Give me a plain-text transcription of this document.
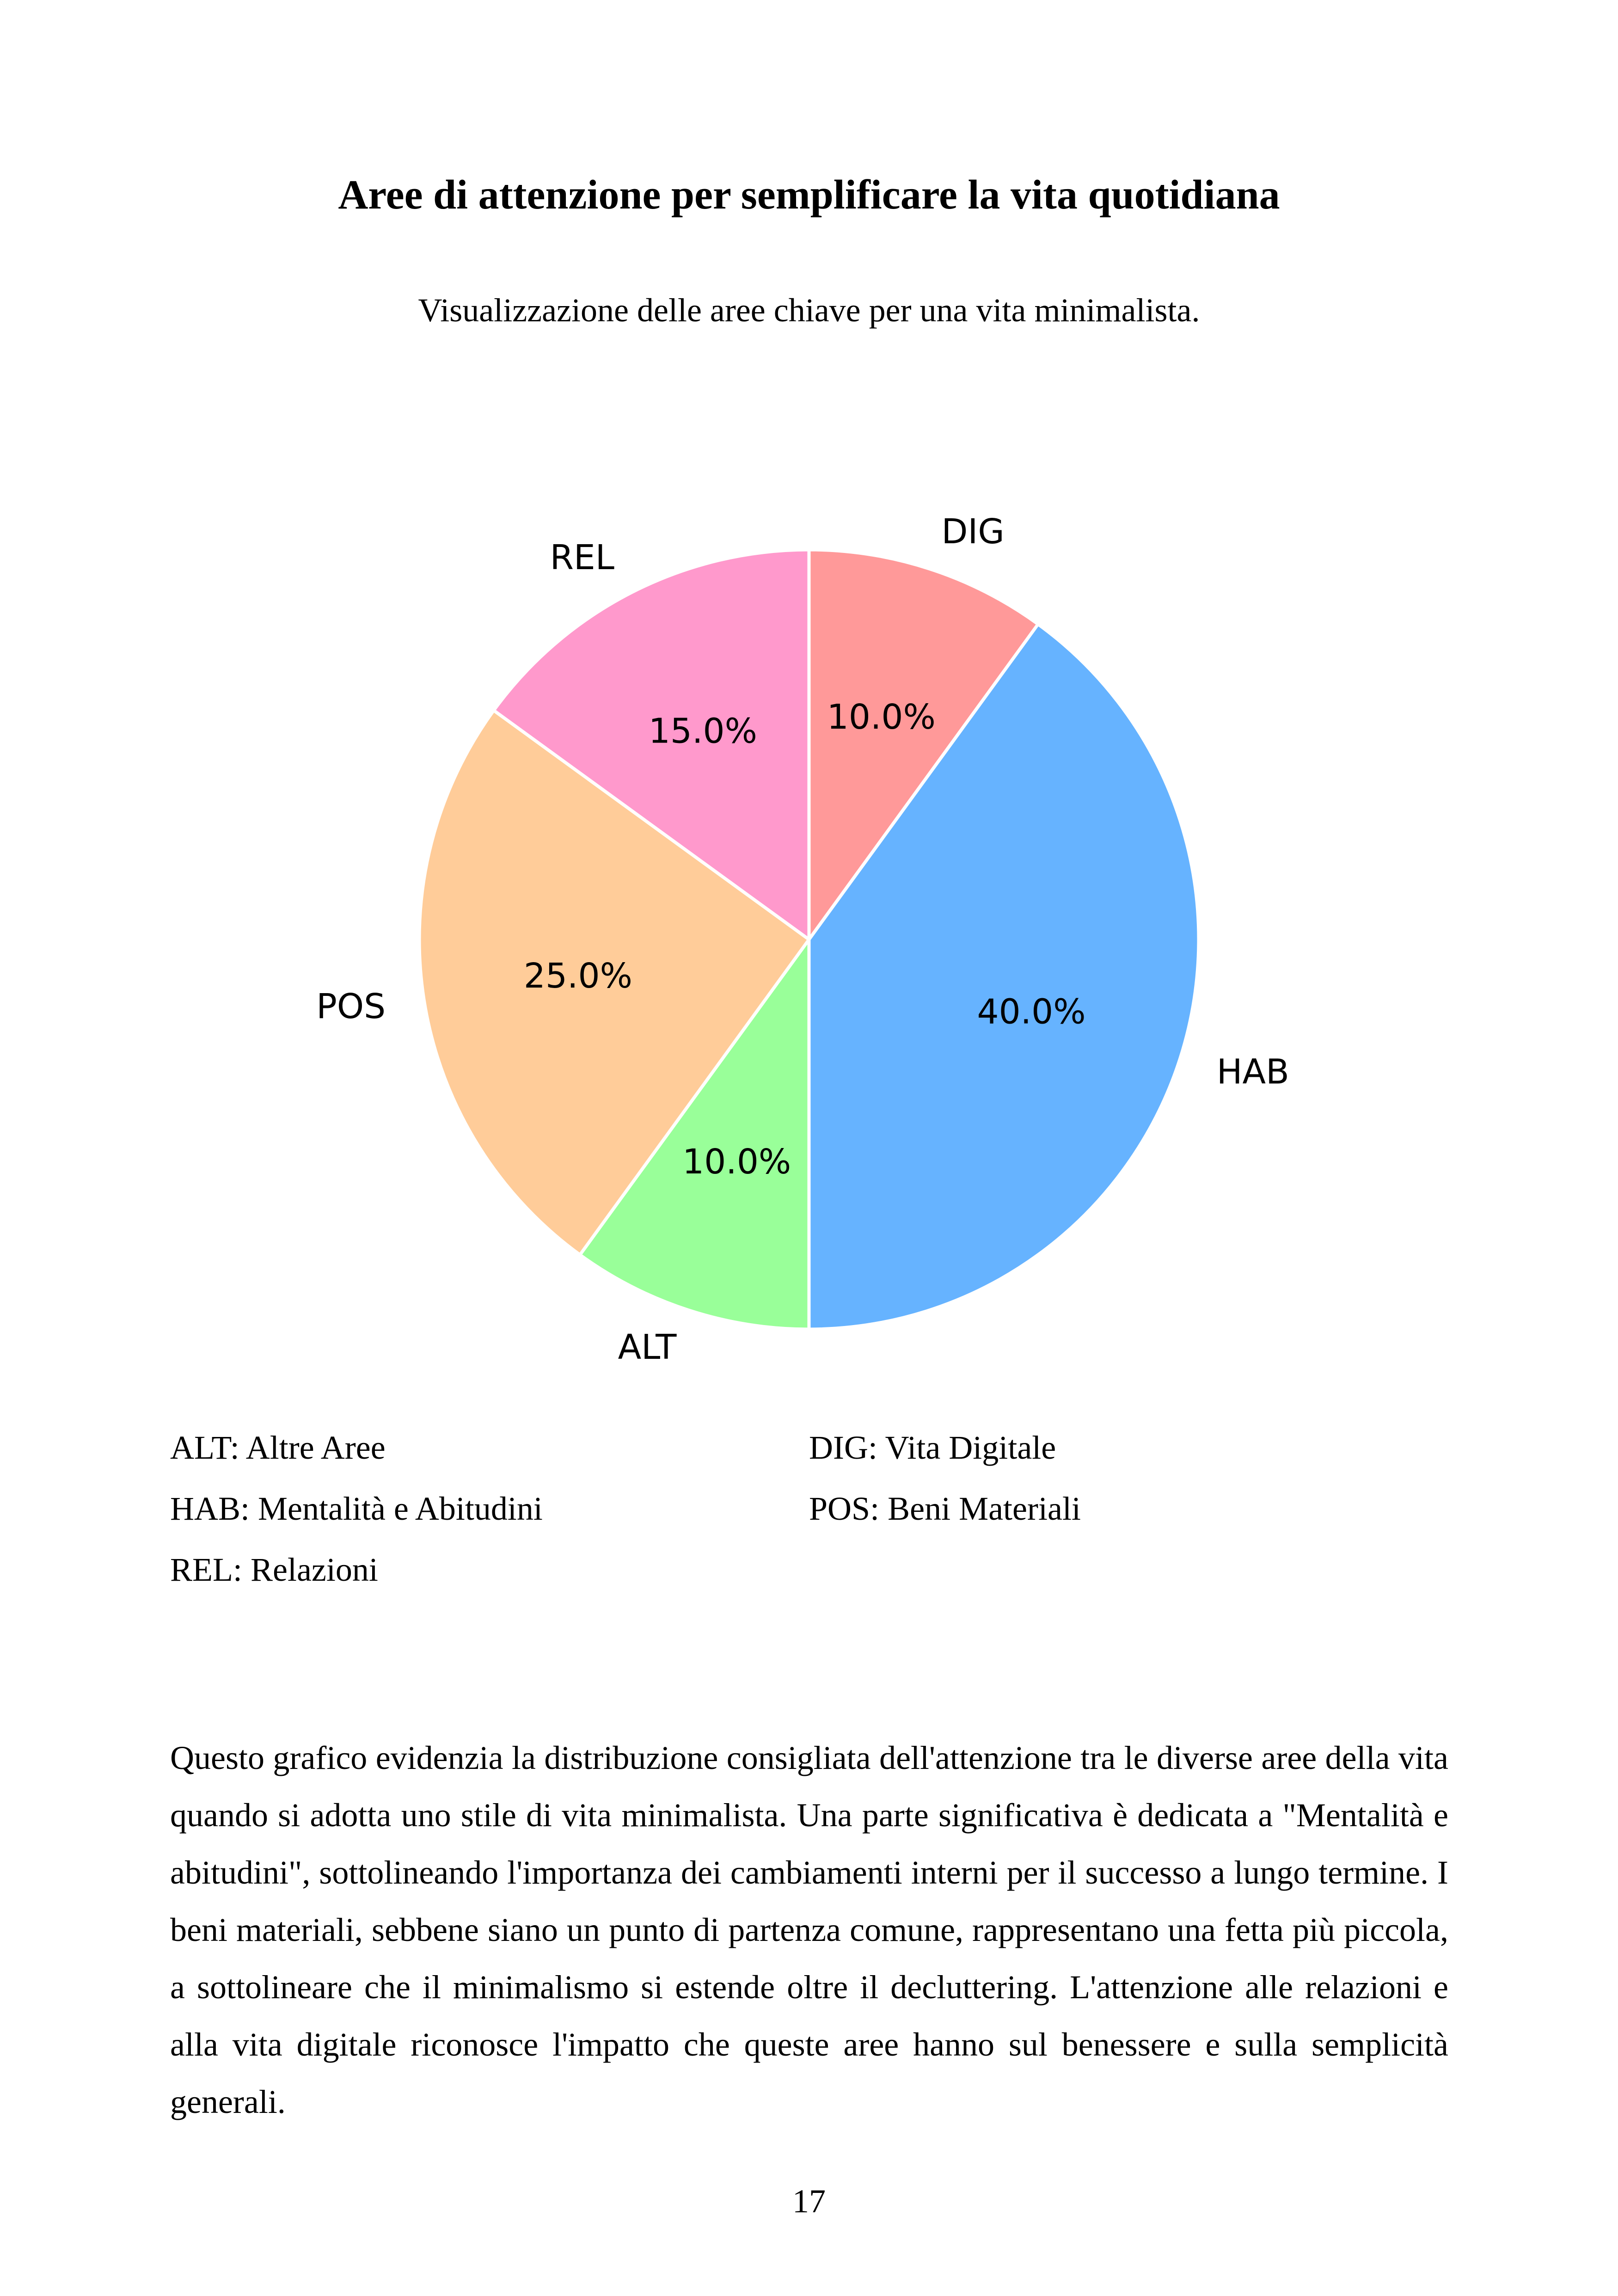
Aree di attenzione per semplificare la vita quotidiana
Visualizzazione delle aree chiave per una vita minimalista.
10.0%
DIG
40.0%
HAB
10.0%
ALT
25.0%
POS
15.0%
REL
ALT: Altre Aree	DIG: Vita Digitale
HAB: Mentalità e Abitudini	POS: Beni Materiali
REL: Relazioni
Questo grafico evidenzia la distribuzione consigliata dell'attenzione tra le diverse aree della vita quando si adotta uno stile di vita minimalista. Una parte significativa è dedicata a "Mentalità e abitudini", sottolineando l'importanza dei cambiamenti interni per il successo a lungo termine. I beni materiali, sebbene siano un punto di partenza comune, rappresentano una fetta più piccola, a sottolineare che il minimalismo si estende oltre il decluttering. L'attenzione alle relazioni e alla vita digitale riconosce l'impatto che queste aree hanno sul benessere e sulla semplicità generali.
17
